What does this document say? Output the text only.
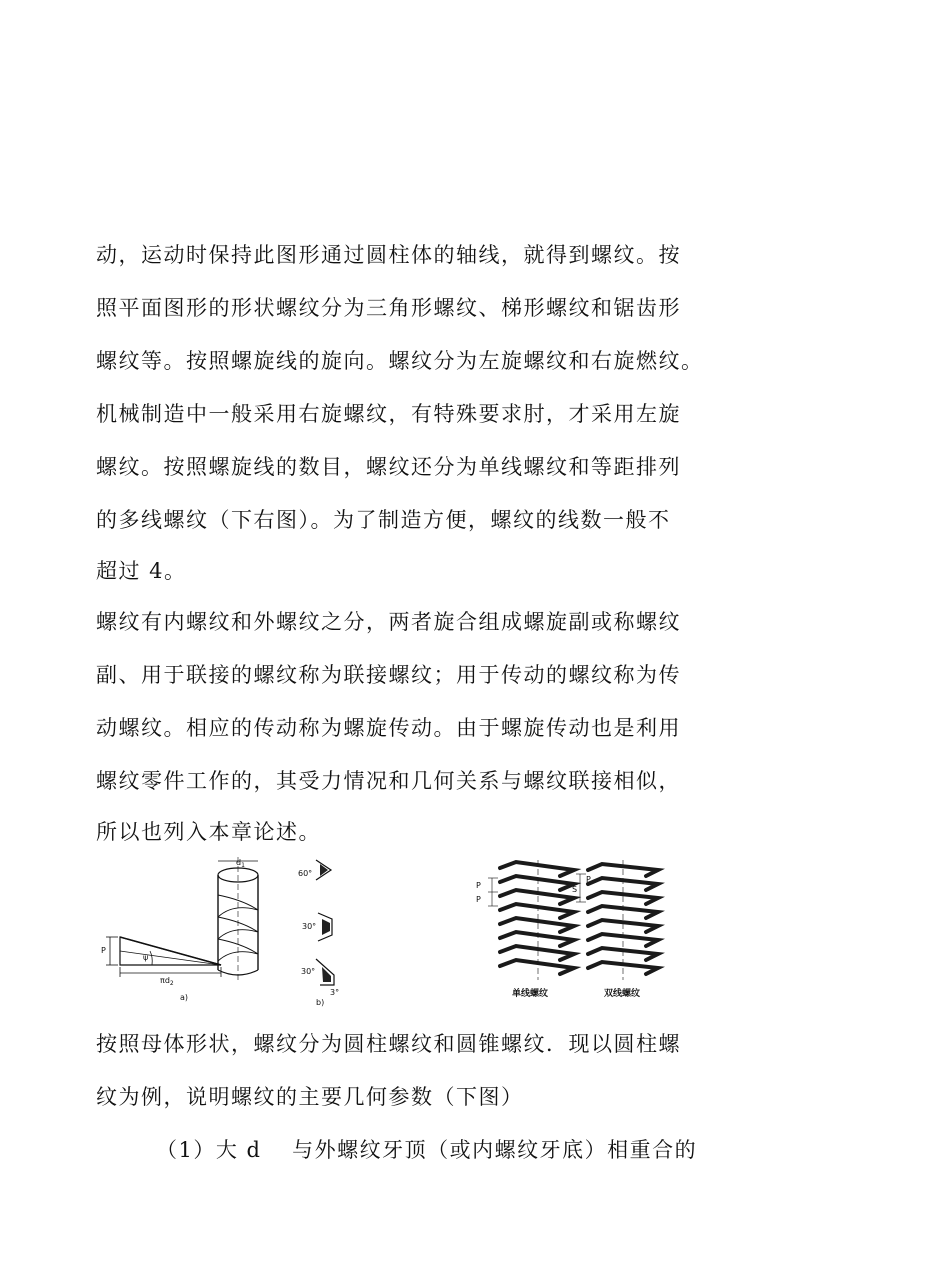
动，运动时保持此图形通过圆柱体的轴线，就得到螺纹。按
照平面图形的形状螺纹分为三角形螺纹、梯形螺纹和锯齿形
螺纹等。按照螺旋线的旋向。螺纹分为左旋螺纹和右旋燃纹。
机械制造中一般采用右旋螺纹，有特殊要求肘，才采用左旋
螺纹。按照螺旋线的数目，螺纹还分为单线螺纹和等距排列
的多线螺纹（下右图）。为了制造方便，螺纹的线数一般不
超过 4。
螺纹有内螺纹和外螺纹之分，两者旋合组成螺旋副或称螺纹
副、用于联接的螺纹称为联接螺纹；用于传动的螺纹称为传
动螺纹。相应的传动称为螺旋传动。由于螺旋传动也是利用
螺纹零件工作的，其受力情况和几何关系与螺纹联接相似，
所以也列入本章论述。
P
ψ
$\pi d_2$
a)
$d_1$
60°
30°
30°
3°
b)
P
P
S
P
单线螺纹	双线螺纹
按照母体形状，螺纹分为圆柱螺纹和圆锥螺纹．现以圆柱螺
纹为例，说明螺纹的主要几何参数（下图）
（1）大 d　 与外螺纹牙顶（或内螺纹牙底）相重合的
